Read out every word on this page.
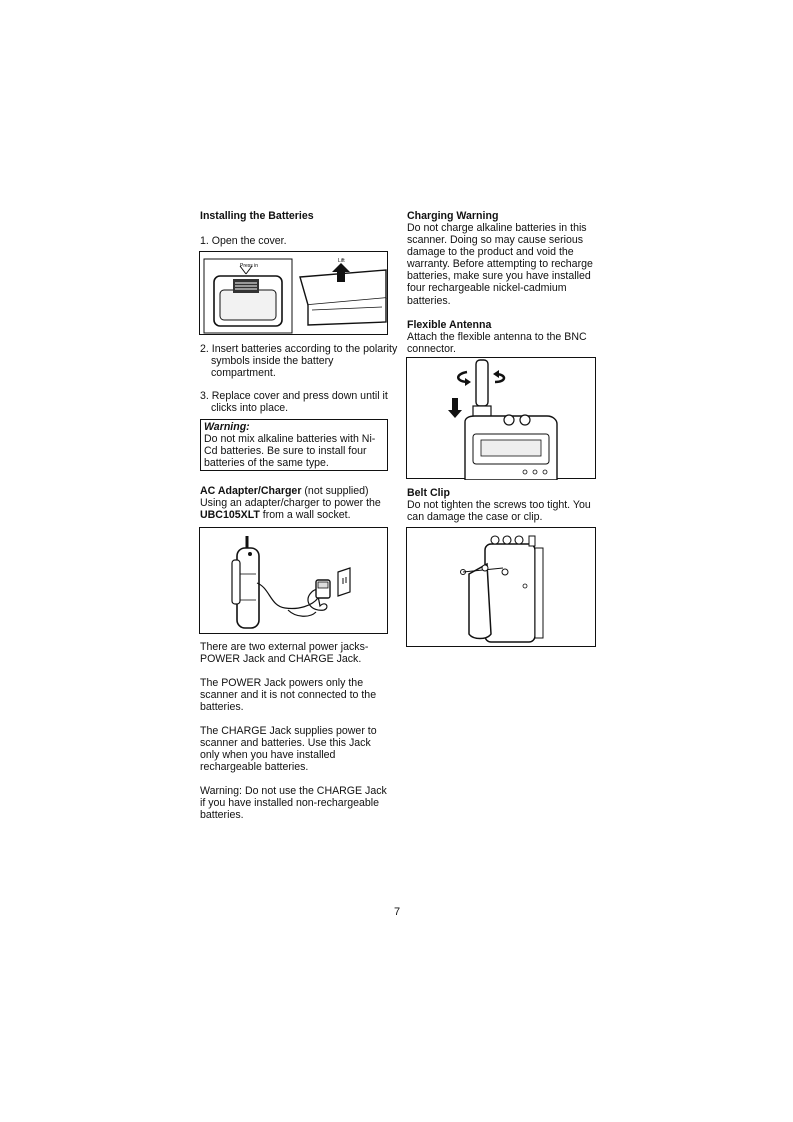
Installing the Batteries

1. Open the cover.

Press in
Lift

2. Insert batteries according to the polarity symbols inside the battery compartment.

3. Replace cover and press down until it clicks into place.

Warning:

Do not mix alkaline batteries with Ni-Cd batteries. Be sure to install four batteries of the same type.

AC Adapter/Charger (not supplied)
Using an adapter/charger to power the UBC105XLT from a wall socket.

There are two external power jacks-POWER Jack and CHARGE Jack.

The POWER Jack powers only the scanner and it is not connected to the batteries.

The CHARGE Jack supplies power to scanner and batteries. Use this Jack only when you have installed rechargeable batteries.

Warning: Do not use the CHARGE Jack if you have installed non-rechargeable batteries.

Charging Warning

Do not charge alkaline batteries in this scanner. Doing so may cause serious damage to the product and void the warranty. Before attempting to recharge batteries, make sure you have installed four rechargeable nickel-cadmium batteries.

Flexible Antenna

Attach the flexible antenna to the BNC connector.

Belt Clip

Do not tighten the screws too tight. You can damage the case or clip.

7
